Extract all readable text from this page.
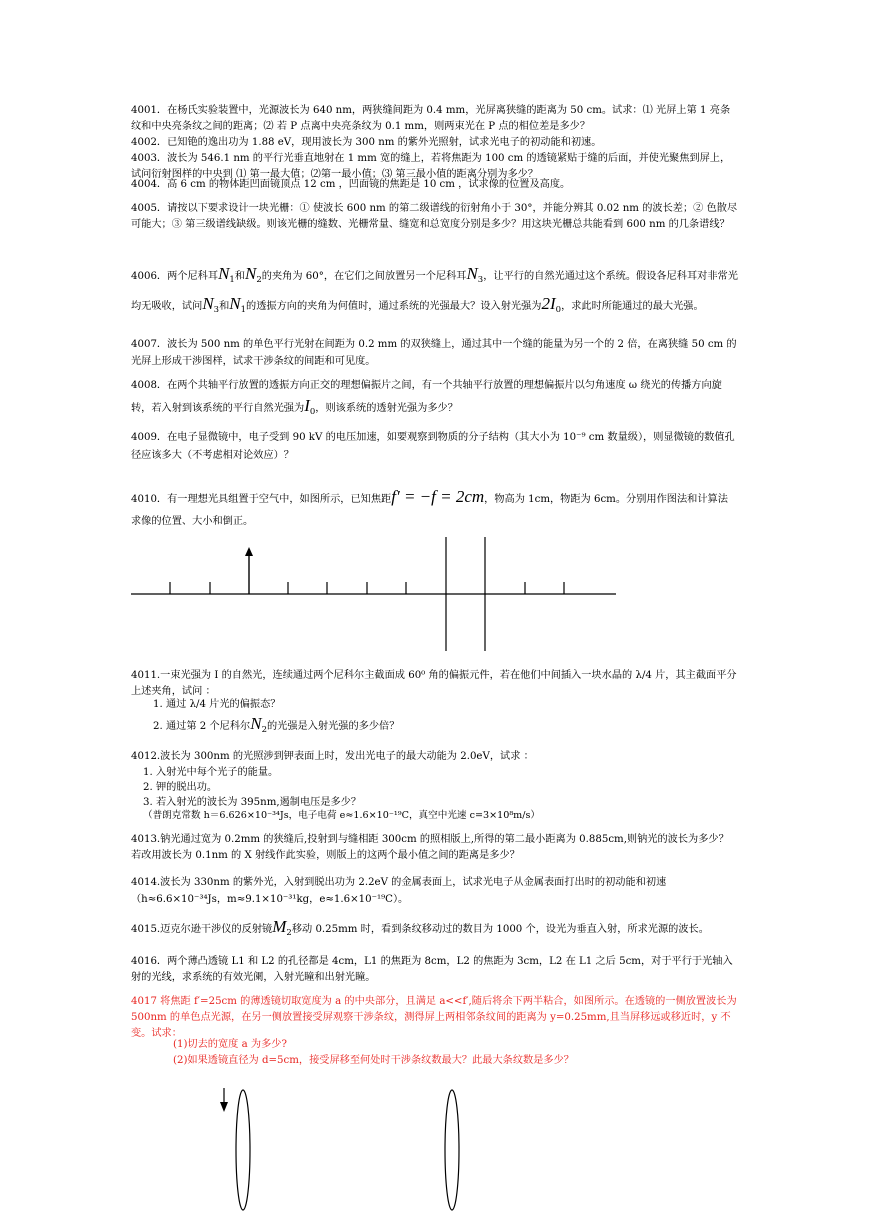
4001．在杨氏实验装置中，光源波长为 640 nm，两狭缝间距为 0.4 mm，光屏离狭缝的距离为 50 cm。试求：⑴ 光屏上第 1 亮条纹和中央亮条纹之间的距离；⑵ 若 P 点离中央亮条纹为 0.1 mm，则两束光在 P 点的相位差是多少？

4002．已知铯的逸出功为 1.88 eV，现用波长为 300 nm 的紫外光照射，试求光电子的初动能和初速。

4003．波长为 546.1 nm 的平行光垂直地射在 1 mm 宽的缝上，若将焦距为 100 cm 的透镜紧贴于缝的后面，并使光聚焦到屏上，试问衍射图样的中央到 ⑴ 第一最大值；⑵第一最小值；⑶ 第三最小值的距离分别为多少？

4004．高 6 cm 的物体距凹面镜顶点 12 cm ，凹面镜的焦距是 10 cm ，试求像的位置及高度。

4005．请按以下要求设计一块光栅：① 使波长 600 nm 的第二级谱线的衍射角小于 30°，并能分辨其 0.02 nm 的波长差；② 色散尽可能大；③ 第三级谱线缺级。则该光栅的缝数、光栅常量、缝宽和总宽度分别是多少？用这块光栅总共能看到 600 nm 的几条谱线？

4006．两个尼科耳$N_1$和$N_2$的夹角为 60°，在它们之间放置另一个尼科耳$N_3$，让平行的自然光通过这个系统。假设各尼科耳对非常光均无吸收，试问$N_3$和$N_1$的透振方向的夹角为何值时，通过系统的光强最大？设入射光强为$2I_0$，求此时所能通过的最大光强。

4007．波长为 500 nm 的单色平行光射在间距为 0.2 mm 的双狭缝上，通过其中一个缝的能量为另一个的 2 倍，在离狭缝 50 cm 的光屏上形成干涉图样，试求干涉条纹的间距和可见度。

4008．在两个共轴平行放置的透振方向正交的理想偏振片之间，有一个共轴平行放置的理想偏振片以匀角速度 ω 绕光的传播方向旋转，若入射到该系统的平行自然光强为$I_0$，则该系统的透射光强为多少？

4009．在电子显微镜中，电子受到 90 kV 的电压加速，如要观察到物质的分子结构（其大小为 10⁻⁹ cm 数量级），则显微镜的数值孔径应该多大（不考虑相对论效应）？

4010．有一理想光具组置于空气中，如图所示，已知焦距f′ = −f = 2cm，物高为 1cm，物距为 6cm。分别用作图法和计算法求像的位置、大小和倒正。

4011.一束光强为 I 的自然光，连续通过两个尼科尔主截面成 60⁰ 角的偏振元件，若在他们中间插入一块水晶的 λ/4 片，其主截面平分上述夹角，试问 ：

1. 通过 λ/4 片光的偏振态？

2. 通过第 2 个尼科尔$N_2$的光强是入射光强的多少倍？

4012.波长为 300nm 的光照涉到钾表面上时，发出光电子的最大动能为 2.0eV，试求 ：

1. 入射光中每个光子的能量。

2. 钾的脱出功。

3. 若入射光的波长为 395nm,遏制电压是多少？

（普朗克常数 h＝6.626×10⁻³⁴Js，电子电荷 e≈1.6×10⁻¹⁹C，真空中光速 c=3×10⁸m/s）

4013.钠光通过宽为 0.2mm 的狭缝后,投射到与缝相距 300cm 的照相版上,所得的第二最小距离为 0.885cm,则钠光的波长为多少？若改用波长为 0.1nm 的 X 射线作此实验，则版上的这两个最小值之间的距离是多少？

4014.波长为 330nm 的紫外光，入射到脱出功为 2.2eV 的金属表面上，试求光电子从金属表面打出时的初动能和初速（h≈6.6×10⁻³⁴Js，m≈9.1×10⁻³¹kg，e≈1.6×10⁻¹⁹C）。

4015.迈克尔逊干涉仪的反射镜$M_2$移动 0.25mm 时，看到条纹移动过的数目为 1000 个，设光为垂直入射，所求光源的波长。

4016．两个薄凸透镜 L1 和 L2 的孔径都是 4cm，L1 的焦距为 8cm，L2 的焦距为 3cm，L2 在 L1 之后 5cm，对于平行于光轴入射的光线，求系统的有效光阑，入射光瞳和出射光瞳。

4017 将焦距 f′=25cm 的薄透镜切取宽度为 a 的中央部分，且满足 a<<f′,随后将余下两半粘合，如图所示。在透镜的一侧放置波长为 500nm 的单色点光源，在另一侧放置接受屏观察干涉条纹，测得屏上两相邻条纹间的距离为 y=0.25mm,且当屏移远或移近时，y 不变。试求：

(1)切去的宽度 a 为多少?

(2)如果透镜直径为 d=5cm，接受屏移至何处时干涉条纹数最大？此最大条纹数是多少？
